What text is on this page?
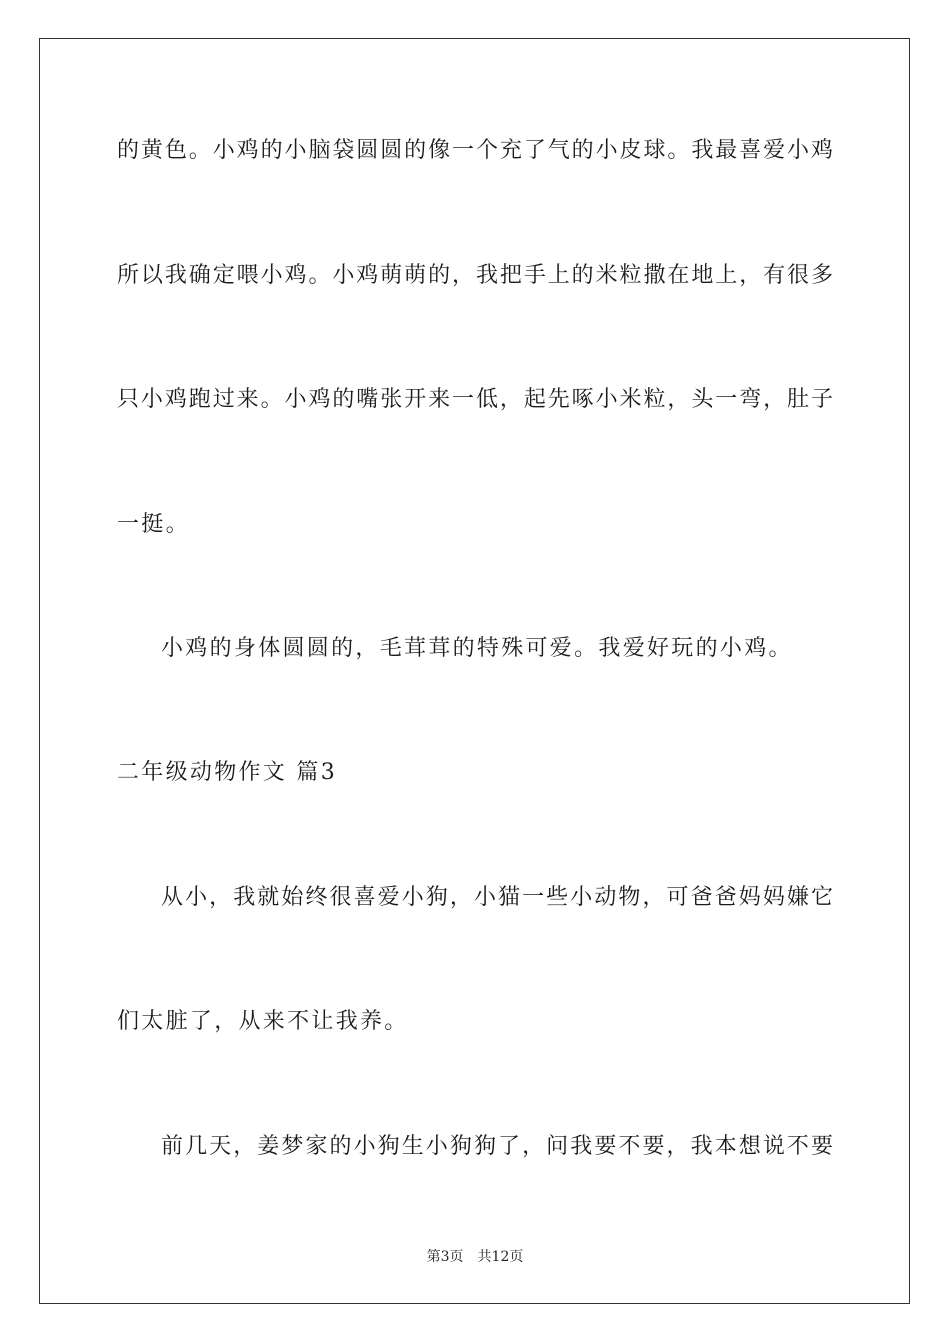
的黄色。小鸡的小脑袋圆圆的像一个充了气的小皮球。我最喜爱小鸡

所以我确定喂小鸡。小鸡萌萌的，我把手上的米粒撒在地上，有很多

只小鸡跑过来。小鸡的嘴张开来一低，起先啄小米粒，头一弯，肚子

一挺。

小鸡的身体圆圆的，毛茸茸的特殊可爱。我爱好玩的小鸡。

二年级动物作文 篇3

从小，我就始终很喜爱小狗，小猫一些小动物，可爸爸妈妈嫌它

们太脏了，从来不让我养。

前几天，姜梦家的小狗生小狗狗了，问我要不要，我本想说不要

第3页 共12页
